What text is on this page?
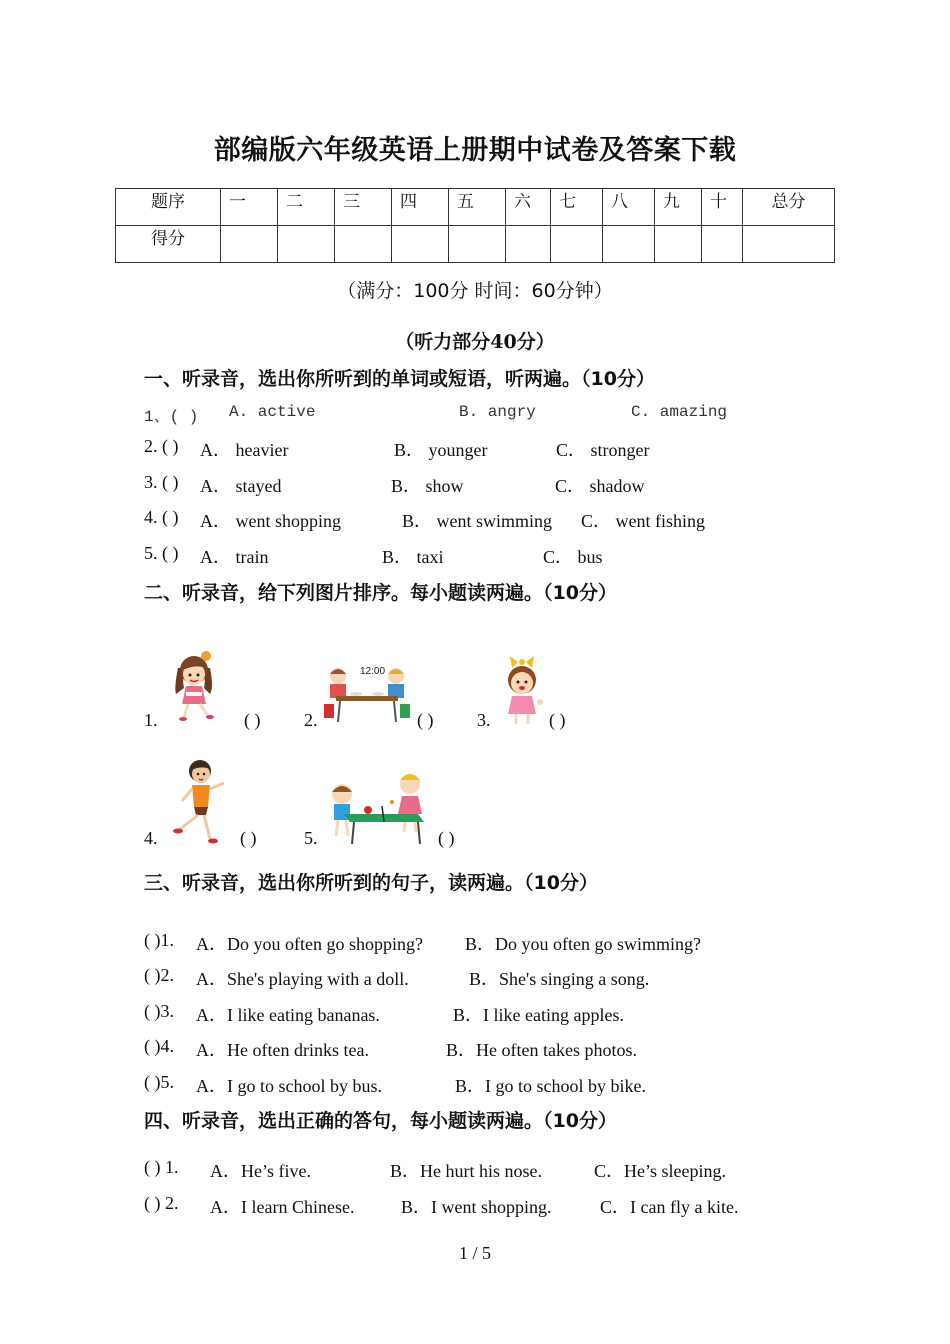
部编版六年级英语上册期中试卷及答案下载
题序	一	二	三	四	五	六	七	八	九	十	总分
得分											
（满分：100分 时间：60分钟）
（听力部分40分）
一、听录音，选出你所听到的单词或短语，听两遍。（10分）
1、( ) A. active	B. angry	C. amazing
2. ( ) A． heavier	B． younger	C． stronger
3. ( ) A． stayed	B． show	C． shadow
4. ( ) A． went shopping	B． went swimming C． went fishing
5. ( ) A． train	B． taxi	C． bus
二、听录音，给下列图片排序。每小题读两遍。（10分）
1.	( )
12:00
2.	( ) 3.	( )
4.	( )	5.	( )
三、听录音，选出你所听到的句子，读两遍。（10分）
( )1. A．Do you often go shopping? B．Do you often go swimming?
( )2. A．She's playing with a doll.	B．She's singing a song.
( )3. A．I like eating bananas.	B．I like eating apples.
( )4. A．He often drinks tea.	B．He often takes photos.
( )5. A．I go to school by bus.	B．I go to school by bike.
四、听录音，选出正确的答句，每小题读两遍。（10分）
( ) 1. A．He’s five.	B．He hurt his nose.	C．He’s sleeping.
( ) 2. A．I learn Chinese.	B．I went shopping.	C．I can fly a kite.
1 / 5
